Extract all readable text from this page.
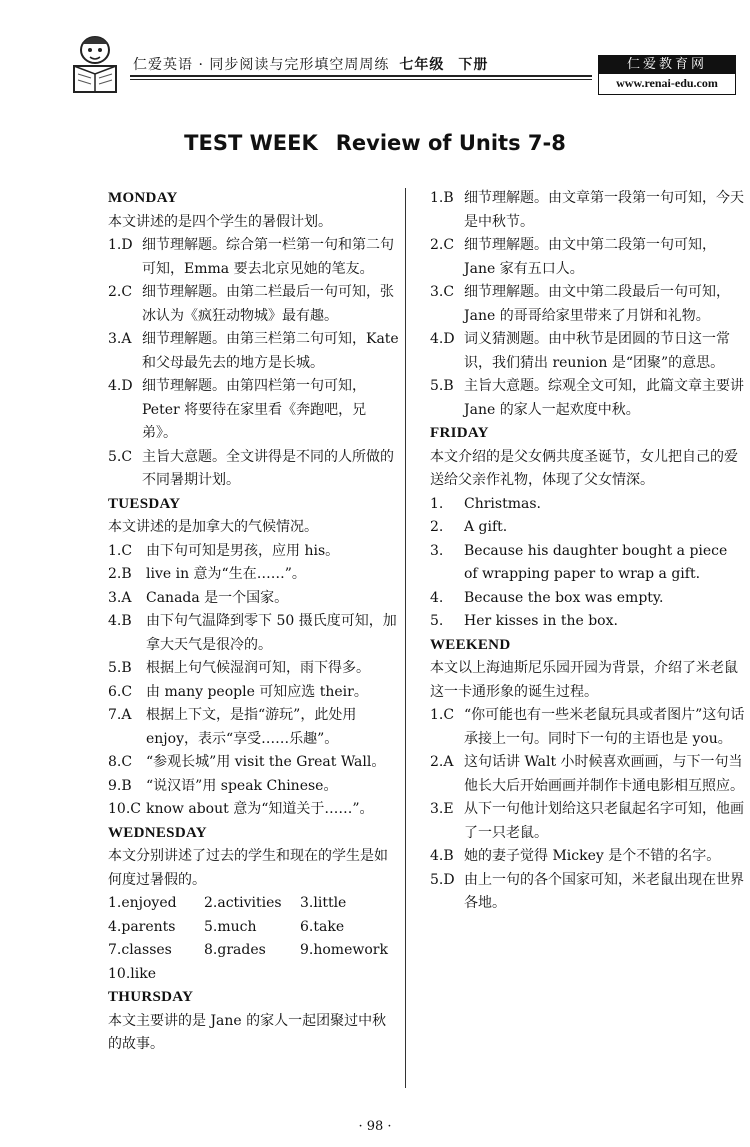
仁爱英语 · 同步阅读与完形填空周周练 七年级 下册	仁爱教育网
www.renai-edu.com
TEST WEEK Review of Units 7-8
MONDAY
本文讲述的是四个学生的暑假计划。
1.D 细节理解题。综合第一栏第一句和第二句可知，Emma 要去北京见她的笔友。
2.C 细节理解题。由第二栏最后一句可知，张冰认为《疯狂动物城》最有趣。
3.A 细节理解题。由第三栏第二句可知，Kate 和父母最先去的地方是长城。
4.D 细节理解题。由第四栏第一句可知，Peter 将要待在家里看《奔跑吧，兄弟》。
5.C 主旨大意题。全文讲得是不同的人所做的不同暑期计划。
TUESDAY
本文讲述的是加拿大的气候情况。
1.C 由下句可知是男孩，应用 his。
2.B live in 意为“生在……”。
3.A Canada 是一个国家。
4.B 由下句气温降到零下 50 摄氏度可知，加拿大天气是很冷的。
5.B 根据上句气候湿润可知，雨下得多。
6.C 由 many people 可知应选 their。
7.A 根据上下文，是指“游玩”，此处用 enjoy，表示“享受……乐趣”。
8.C “参观长城”用 visit the Great Wall。
9.B “说汉语”用 speak Chinese。
10.C know about 意为“知道关于……”。
WEDNESDAY
本文分别讲述了过去的学生和现在的学生是如何度过暑假的。
1.enjoyed	2.activities	3.little
4.parents	5.much	6.take
7.classes	8.grades	9.homework
10.like
THURSDAY
本文主要讲的是 Jane 的家人一起团聚过中秋的故事。
1.B 细节理解题。由文章第一段第一句可知，今天是中秋节。
2.C 细节理解题。由文中第二段第一句可知，Jane 家有五口人。
3.C 细节理解题。由文中第二段最后一句可知，Jane 的哥哥给家里带来了月饼和礼物。
4.D 词义猜测题。由中秋节是团圆的节日这一常识，我们猜出 reunion 是“团聚”的意思。
5.B 主旨大意题。综观全文可知，此篇文章主要讲 Jane 的家人一起欢度中秋。
FRIDAY
本文介绍的是父女俩共度圣诞节，女儿把自己的爱送给父亲作礼物，体现了父女情深。
1. Christmas.
2. A gift.
3. Because his daughter bought a piece of wrapping paper to wrap a gift.
4. Because the box was empty.
5. Her kisses in the box.
WEEKEND
本文以上海迪斯尼乐园开园为背景，介绍了米老鼠这一卡通形象的诞生过程。
1.C “你可能也有一些米老鼠玩具或者图片”这句话承接上一句。同时下一句的主语也是 you。
2.A 这句话讲 Walt 小时候喜欢画画，与下一句当他长大后开始画画并制作卡通电影相互照应。
3.E 从下一句他计划给这只老鼠起名字可知，他画了一只老鼠。
4.B 她的妻子觉得 Mickey 是个不错的名字。
5.D 由上一句的各个国家可知，米老鼠出现在世界各地。
· 98 ·
